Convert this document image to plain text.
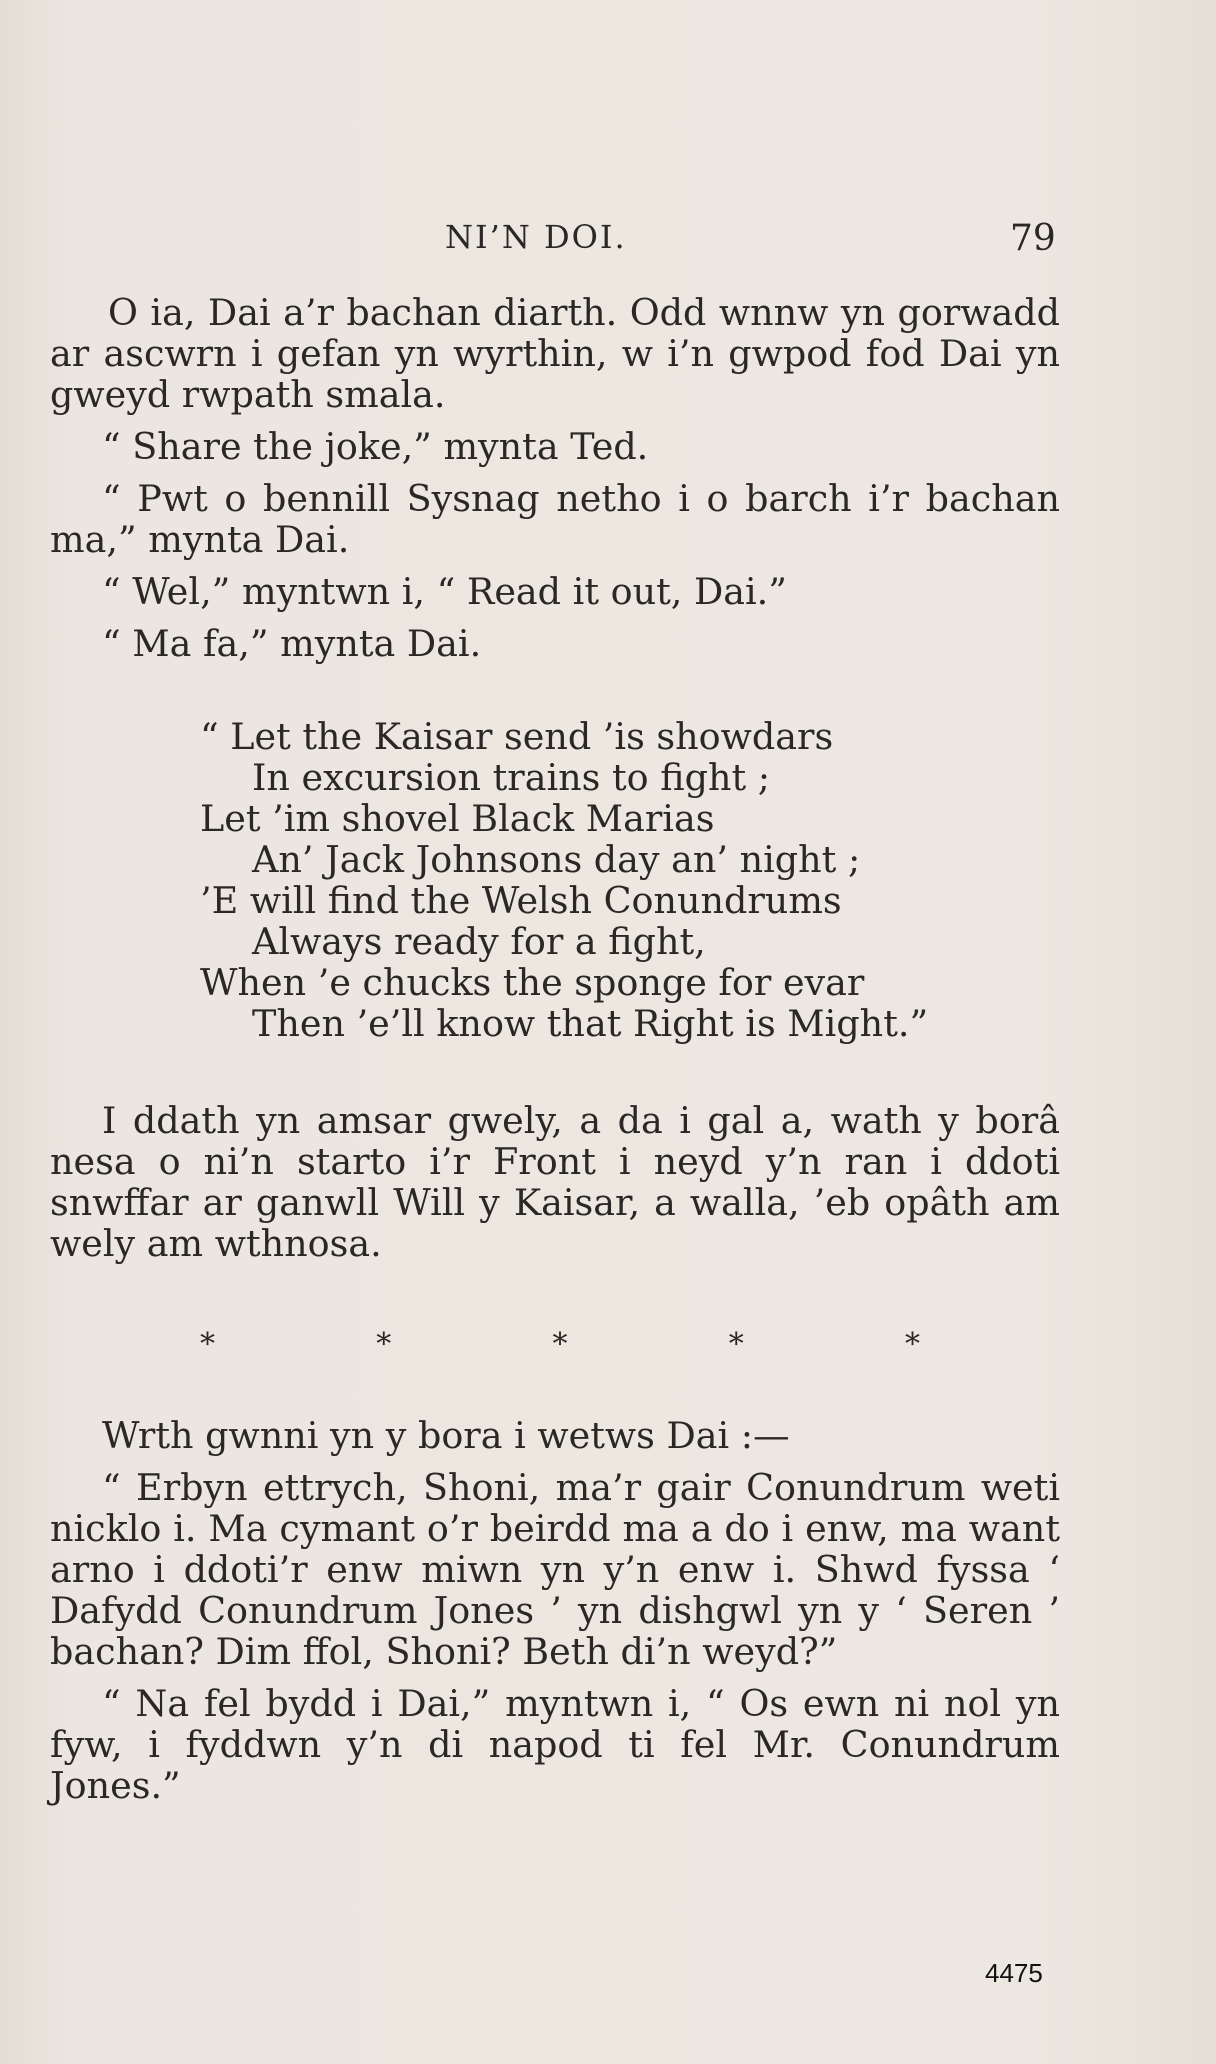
NI’N DOI.	79

O ia, Dai a’r bachan diarth. Odd wnnw yn gorwadd ar ascwrn i gefan yn wyrthin, w i’n gwpod fod Dai yn gweyd rwpath smala.

“ Share the joke,” mynta Ted.

“ Pwt o bennill Sysnag netho i o barch i’r bachan ma,” mynta Dai.

“ Wel,” myntwn i, “ Read it out, Dai.”

“ Ma fa,” mynta Dai.

“ Let the Kaisar send ’is showdars
In excursion trains to fight ;
Let ’im shovel Black Marias
An’ Jack Johnsons day an’ night ;
’E will find the Welsh Conundrums
Always ready for a fight,
When ’e chucks the sponge for evar
Then ’e’ll know that Right is Might.”

I ddath yn amsar gwely, a da i gal a, wath y borâ nesa o ni’n starto i’r Front i neyd y’n ran i ddoti snwffar ar ganwll Will y Kaisar, a walla, ’eb opâth am wely am wthnosa.

*	*	*	*	*

Wrth gwnni yn y bora i wetws Dai :—

“ Erbyn ettrych, Shoni, ma’r gair Conundrum weti nicklo i. Ma cymant o’r beirdd ma a do i enw, ma want arno i ddoti’r enw miwn yn y’n enw i. Shwd fyssa ‘ Dafydd Conundrum Jones ’ yn dishgwl yn y ‘ Seren ’ bachan? Dim ffol, Shoni? Beth di’n weyd?”

“ Na fel bydd i Dai,” myntwn i, “ Os ewn ni nol yn fyw, i fyddwn y’n di napod ti fel Mr. Conundrum Jones.”

4475
